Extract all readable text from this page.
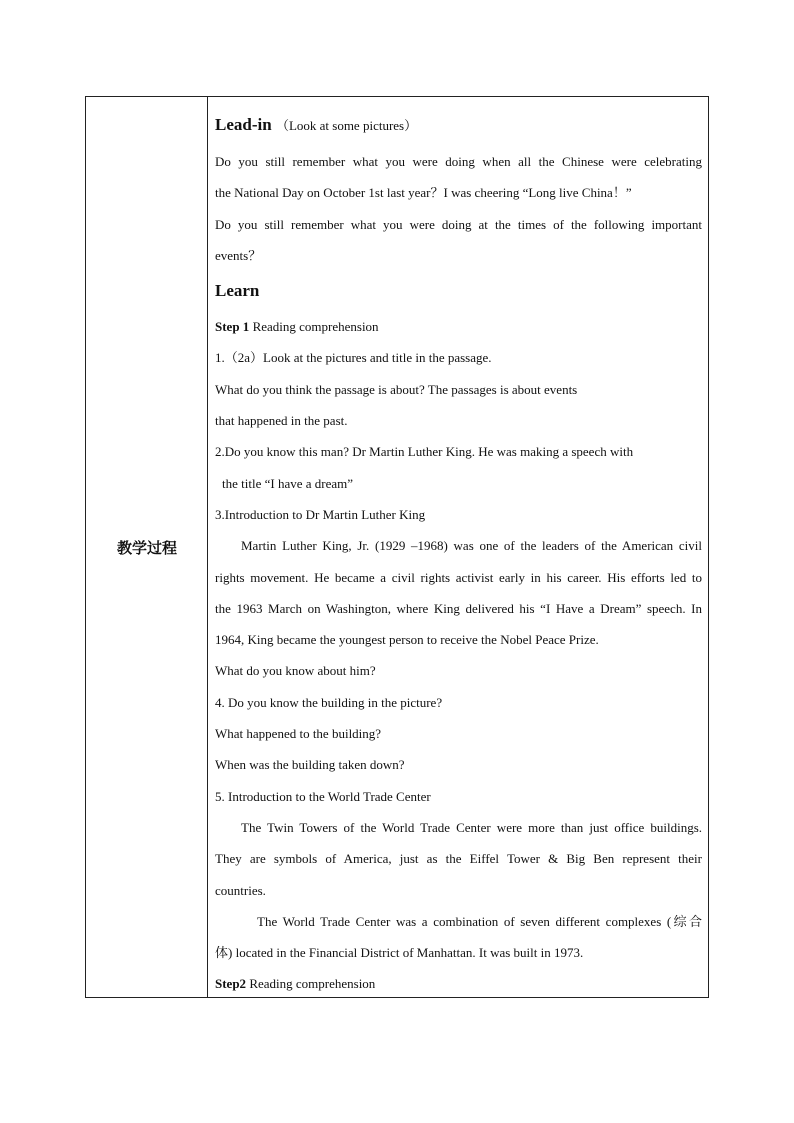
教学过程
Lead-in （Look at some pictures）
Do you still remember what you were doing when all the Chinese were celebrating
the National Day on October 1st last year？I was cheering “Long live China！”
Do you still remember what you were doing at the times of the following important
events？
Learn
Step 1 Reading comprehension
1.（2a）Look at the pictures and title in the passage.
What do you think the passage is about? The passages is about events
that happened in the past.
2.Do you know this man? Dr Martin Luther King. He was making a speech with
the title “I have a dream”
3.Introduction to Dr Martin Luther King
Martin Luther King, Jr. (1929 –1968) was one of the leaders of the American civil
rights movement. He became a civil rights activist early in his career. His efforts led to
the 1963 March on Washington, where King delivered his “I Have a Dream” speech. In
1964, King became the youngest person to receive the Nobel Peace Prize.
What do you know about him?
4. Do you know the building in the picture?
What happened to the building?
When was the building taken down?
5. Introduction to the World Trade Center
The Twin Towers of the World Trade Center were more than just office buildings.
They are symbols of America, just as the Eiffel Tower & Big Ben represent their
countries.
The World Trade Center was a combination of seven different complexes (综合
体) located in the Financial District of Manhattan. It was built in 1973.
Step2 Reading comprehension
